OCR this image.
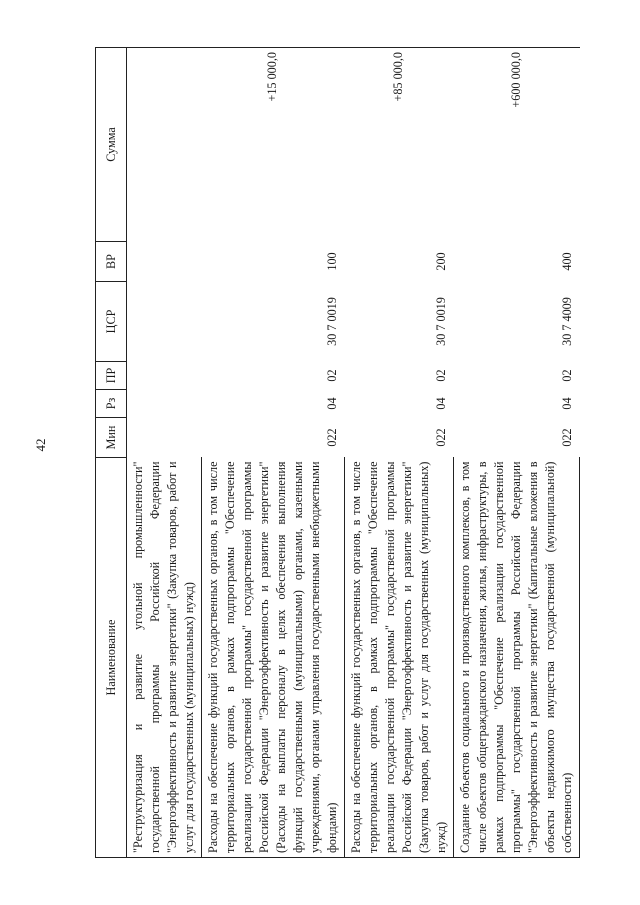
42
Наименование	Мин	Рз	ПР	ЦСР	ВР	Сумма
"Реструктуризация и развитие угольной промышленности" государственной программы Российской Федерации "Энергоэффективность и развитие энергетики" (Закупка товаров, работ и услуг для государственных (муниципальных) нужд)						
Расходы на обеспечение функций государственных органов, в том числе территориальных органов, в рамках подпрограммы "Обеспечение реализации государственной программы" государственной программы Российской Федерации "Энергоэффективность и развитие энергетики" (Расходы на выплаты персоналу в целях обеспечения выполнения функций государственными (муниципальными) органами, казенными учреждениями, органами управления государственными внебюджетными фондами)	022	04	02	30 7 0019	100	+15 000,0
Расходы на обеспечение функций государственных органов, в том числе территориальных органов, в рамках подпрограммы "Обеспечение реализации государственной программы" государственной программы Российской Федерации "Энергоэффективность и развитие энергетики" (Закупка товаров, работ и услуг для государственных (муниципальных) нужд)	022	04	02	30 7 0019	200	+85 000,0
Создание объектов социального и производственного комплексов, в том числе объектов общегражданского назначения, жилья, инфраструктуры, в рамках подпрограммы "Обеспечение реализации государственной программы" государственной программы Российской Федерации "Энергоэффективность и развитие энергетики" (Капитальные вложения в объекты недвижимого имущества государственной (муниципальной) собственности)	022	04	02	30 7 4009	400	+600 000,0
